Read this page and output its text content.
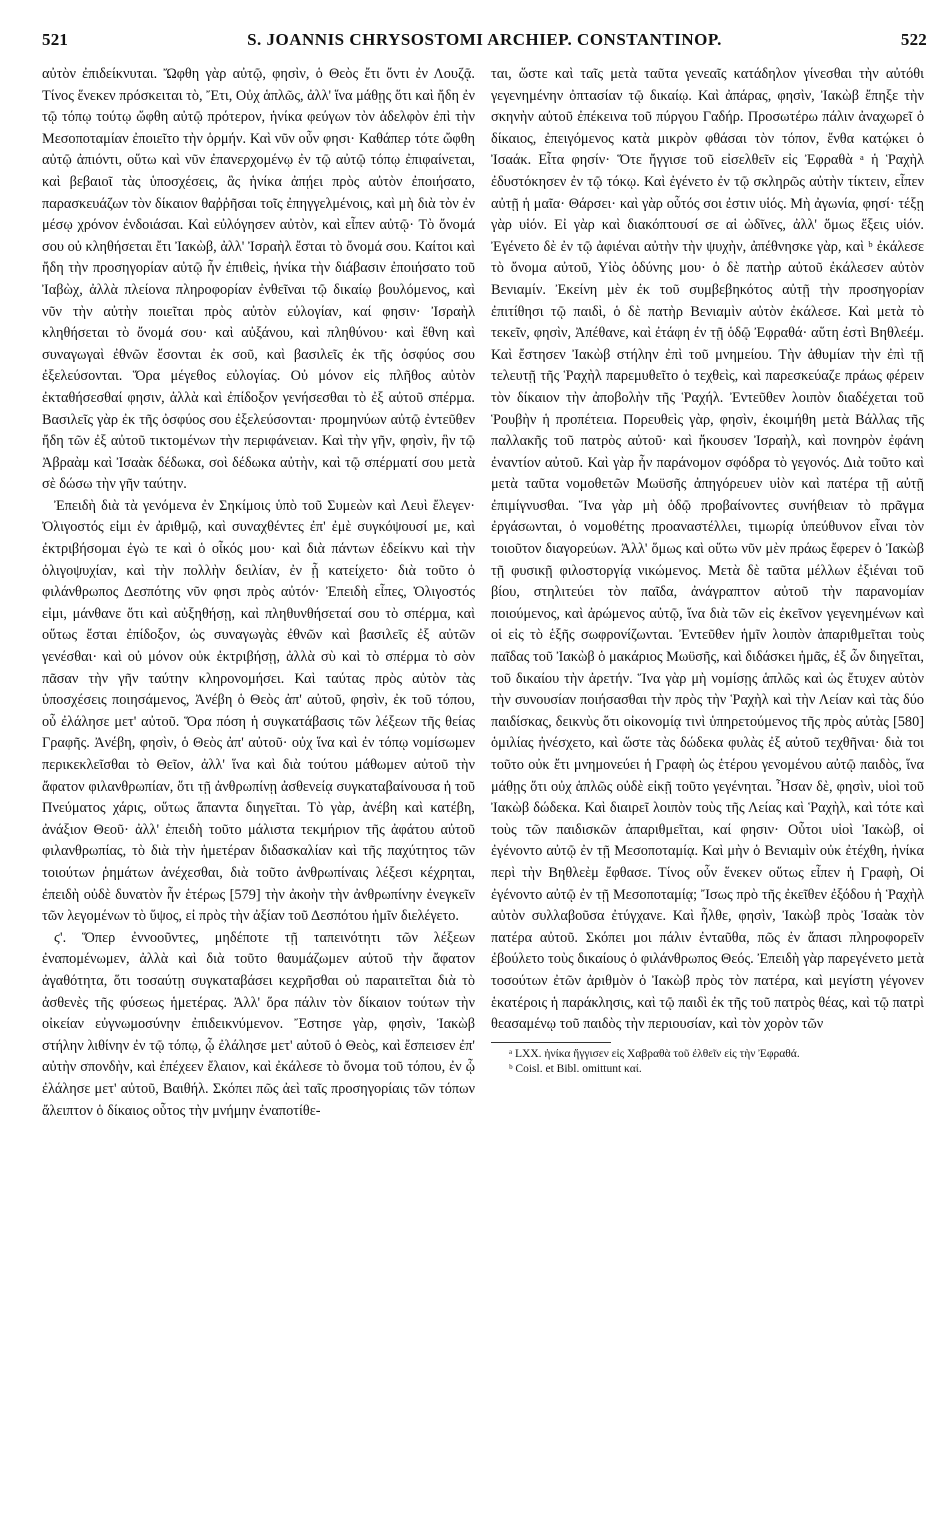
521	S. JOANNIS CHRYSOSTOMI ARCHIEP. CONSTANTINOP.	522

αὐτὸν ἐπιδείκνυται. Ὤφθη γὰρ αὐτῷ, φησὶν, ὁ Θεὸς ἔτι ὄντι ἐν Λουζᾷ. Τίνος ἕνεκεν πρόσκειται τὸ, Ἔτι, Οὐχ ἁπλῶς, ἀλλ' ἵνα μάθῃς ὅτι καὶ ἤδη ἐν τῷ τόπῳ τούτῳ ὤφθη αὐτῷ πρότερον, ἡνίκα φεύγων τὸν ἀδελφὸν ἐπὶ τὴν Μεσοποταμίαν ἐποιεῖτο τὴν ὁρμήν. Καὶ νῦν οὖν φησι· Καθάπερ τότε ὤφθη αὐτῷ ἀπιόντι, οὕτω καὶ νῦν ἐπανερχομένῳ ἐν τῷ αὐτῷ τόπῳ ἐπιφαίνεται, καὶ βεβαιοῖ τὰς ὑποσχέσεις, ἃς ἡνίκα ἀπῄει πρὸς αὐτὸν ἐποιήσατο, παρασκευάζων τὸν δίκαιον θαῤῥῆσαι τοῖς ἐπηγγελμένοις, καὶ μὴ διὰ τὸν ἐν μέσῳ χρόνον ἐνδοιάσαι. Καὶ εὐλόγησεν αὐτὸν, καὶ εἶπεν αὐτῷ· Τὸ ὄνομά σου οὐ κληθήσεται ἔτι Ἰακὼβ, ἀλλ' Ἰσραὴλ ἔσται τὸ ὄνομά σου. Καίτοι καὶ ἤδη τὴν προσηγορίαν αὐτῷ ἦν ἐπιθεὶς, ἡνίκα τὴν διάβασιν ἐποιήσατο τοῦ Ἰαβὼχ, ἀλλὰ πλείονα πληροφορίαν ἐνθεῖναι τῷ δικαίῳ βουλόμενος, καὶ νῦν τὴν αὐτὴν ποιεῖται πρὸς αὐτὸν εὐλογίαν, καί φησιν· Ἰσραὴλ κληθήσεται τὸ ὄνομά σου· καὶ αὐξάνου, καὶ πληθύνου· καὶ ἔθνη καὶ συναγωγαὶ ἐθνῶν ἔσονται ἐκ σοῦ, καὶ βασιλεῖς ἐκ τῆς ὀσφύος σου ἐξελεύσονται. Ὅρα μέγεθος εὐλογίας. Οὐ μόνον εἰς πλῆθος αὐτὸν ἐκταθήσεσθαί φησιν, ἀλλὰ καὶ ἐπίδοξον γενήσεσθαι τὸ ἐξ αὐτοῦ σπέρμα. Βασιλεῖς γὰρ ἐκ τῆς ὀσφύος σου ἐξελεύσονται· προμηνύων αὐτῷ ἐντεῦθεν ἤδη τῶν ἐξ αὐτοῦ τικτομένων τὴν περιφάνειαν. Καὶ τὴν γῆν, φησὶν, ἣν τῷ Ἀβραὰμ καὶ Ἰσαὰκ δέδωκα, σοὶ δέδωκα αὐτὴν, καὶ τῷ σπέρματί σου μετὰ σὲ δώσω τὴν γῆν ταύτην.

Ἐπειδὴ διὰ τὰ γενόμενα ἐν Σηκίμοις ὑπὸ τοῦ Συμεὼν καὶ Λευὶ ἔλεγεν· Ὀλιγοστός εἰμι ἐν ἀριθμῷ, καὶ συναχθέντες ἐπ' ἐμὲ συγκόψουσί με, καὶ ἐκτριβήσομαι ἐγὼ τε καὶ ὁ οἶκός μου· καὶ διὰ πάντων ἐδείκνυ καὶ τὴν ὀλιγοψυχίαν, καὶ τὴν πολλὴν δειλίαν, ἐν ᾗ κατείχετο· διὰ τοῦτο ὁ φιλάνθρωπος Δεσπότης νῦν φησι πρὸς αὐτόν· Ἐπειδὴ εἶπες, Ὀλιγοστός εἰμι, μάνθανε ὅτι καὶ αὐξηθήσῃ, καὶ πληθυνθήσεταί σου τὸ σπέρμα, καὶ οὕτως ἔσται ἐπίδοξον, ὡς συναγωγὰς ἐθνῶν καὶ βασιλεῖς ἐξ αὐτῶν γενέσθαι· καὶ οὐ μόνον οὐκ ἐκτριβήσῃ, ἀλλὰ σὺ καὶ τὸ σπέρμα τὸ σὸν πᾶσαν τὴν γῆν ταύτην κληρονομήσει. Καὶ ταύτας πρὸς αὐτὸν τὰς ὑποσχέσεις ποιησάμενος, Ἀνέβη ὁ Θεὸς ἀπ' αὐτοῦ, φησὶν, ἐκ τοῦ τόπου, οὗ ἐλάλησε μετ' αὐτοῦ. Ὅρα πόση ἡ συγκατάβασις τῶν λέξεων τῆς θείας Γραφῆς. Ἀνέβη, φησὶν, ὁ Θεὸς ἀπ' αὐτοῦ· οὐχ ἵνα καὶ ἐν τόπῳ νομίσωμεν περικεκλεῖσθαι τὸ Θεῖον, ἀλλ' ἵνα καὶ διὰ τούτου μάθωμεν αὐτοῦ τὴν ἄφατον φιλανθρωπίαν, ὅτι τῇ ἀνθρωπίνῃ ἀσθενείᾳ συγκαταβαίνουσα ἡ τοῦ Πνεύματος χάρις, οὕτως ἅπαντα διηγεῖται. Τὸ γὰρ, ἀνέβη καὶ κατέβη, ἀνάξιον Θεοῦ· ἀλλ' ἐπειδὴ τοῦτο μάλιστα τεκμήριον τῆς ἀφάτου αὐτοῦ φιλανθρωπίας, τὸ διὰ τὴν ἡμετέραν διδασκαλίαν καὶ τῆς παχύτητος τῶν τοιούτων ῥημάτων ἀνέχεσθαι, διὰ τοῦτο ἀνθρωπίναις λέξεσι κέχρηται, ἐπειδὴ οὐδὲ δυνατὸν ἦν ἑτέρως [579] τὴν ἀκοὴν τὴν ἀνθρωπίνην ἐνεγκεῖν τῶν λεγομένων τὸ ὕψος, εἰ πρὸς τὴν ἀξίαν τοῦ Δεσπότου ἡμῖν διελέγετο.

ϛ'. Ὅπερ ἐννοοῦντες, μηδέποτε τῇ ταπεινότητι τῶν λέξεων ἐναπομένωμεν, ἀλλὰ καὶ διὰ τοῦτο θαυμάζωμεν αὐτοῦ τὴν ἄφατον ἀγαθότητα, ὅτι τοσαύτῃ συγκαταβάσει κεχρῆσθαι οὐ παραιτεῖται διὰ τὸ ἀσθενὲς τῆς φύσεως ἡμετέρας. Ἀλλ' ὅρα πάλιν τὸν δίκαιον τούτων τὴν οἰκείαν εὐγνωμοσύνην ἐπιδεικνύμενον. Ἔστησε γὰρ, φησὶν, Ἰακὼβ στήλην λιθίνην ἐν τῷ τόπῳ, ᾧ ἐλάλησε μετ' αὐτοῦ ὁ Θεὸς, καὶ ἔσπεισεν ἐπ' αὐτὴν σπονδὴν, καὶ ἐπέχεεν ἔλαιον, καὶ ἐκάλεσε τὸ ὄνομα τοῦ τόπου, ἐν ᾧ ἐλάλησε μετ' αὐτοῦ, Βαιθήλ. Σκόπει πῶς ἀεὶ ταῖς προσηγορίαις τῶν τόπων ἄλειπτον ὁ δίκαιος οὗτος τὴν μνήμην ἐναποτίθε-

ται, ὥστε καὶ ταῖς μετὰ ταῦτα γενεαῖς κατάδηλον γίνεσθαι τὴν αὐτόθι γεγενημένην ὀπτασίαν τῷ δικαίῳ. Καὶ ἀπάρας, φησὶν, Ἰακὼβ ἔπηξε τὴν σκηνὴν αὐτοῦ ἐπέκεινα τοῦ πύργου Γαδήρ. Προσωτέρω πάλιν ἀναχωρεῖ ὁ δίκαιος, ἐπειγόμενος κατὰ μικρὸν φθάσαι τὸν τόπον, ἔνθα κατῴκει ὁ Ἰσαάκ. Εἶτα φησίν· Ὅτε ἤγγισε τοῦ εἰσελθεῖν εἰς Ἐφραθὰ ᵃ ἡ Ῥαχὴλ ἐδυστόκησεν ἐν τῷ τόκῳ. Καὶ ἐγένετο ἐν τῷ σκληρῶς αὐτὴν τίκτειν, εἶπεν αὐτῇ ἡ μαῖα· Θάρσει· καὶ γὰρ οὗτός σοι ἐστιν υἱός. Μὴ ἀγωνία, φησί· τέξῃ γὰρ υἱόν. Εἰ γὰρ καὶ διακόπτουσί σε αἱ ὠδῖνες, ἀλλ' ὅμως ἕξεις υἱόν. Ἐγένετο δὲ ἐν τῷ ἀφιέναι αὐτὴν τὴν ψυχὴν, ἀπέθνησκε γὰρ, καὶ ᵇ ἐκάλεσε τὸ ὄνομα αὐτοῦ, Υἱὸς ὀδύνης μου· ὁ δὲ πατὴρ αὐτοῦ ἐκάλεσεν αὐτὸν Βενιαμίν. Ἐκείνη μὲν ἐκ τοῦ συμβεβηκότος αὐτῇ τὴν προσηγορίαν ἐπιτίθησι τῷ παιδὶ, ὁ δὲ πατὴρ Βενιαμὶν αὐτὸν ἐκάλεσε. Καὶ μετὰ τὸ τεκεῖν, φησὶν, Ἀπέθανε, καὶ ἐτάφη ἐν τῇ ὁδῷ Ἐφραθά· αὕτη ἐστὶ Βηθλεέμ. Καὶ ἔστησεν Ἰακὼβ στήλην ἐπὶ τοῦ μνημείου. Τὴν ἀθυμίαν τὴν ἐπὶ τῇ τελευτῇ τῆς Ῥαχὴλ παρεμυθεῖτο ὁ τεχθεὶς, καὶ παρεσκεύαζε πράως φέρειν τὸν δίκαιον τὴν ἀποβολὴν τῆς Ῥαχήλ. Ἐντεῦθεν λοιπὸν διαδέχεται τοῦ Ῥουβὴν ἡ προπέτεια. Πορευθεὶς γὰρ, φησὶν, ἐκοιμήθη μετὰ Βάλλας τῆς παλλακῆς τοῦ πατρὸς αὐτοῦ· καὶ ἤκουσεν Ἰσραὴλ, καὶ πονηρὸν ἐφάνη ἐναντίον αὐτοῦ. Καὶ γὰρ ἦν παράνομον σφόδρα τὸ γεγονός. Διὰ τοῦτο καὶ μετὰ ταῦτα νομοθετῶν Μωϋσῆς ἀπηγόρευεν υἱὸν καὶ πατέρα τῇ αὐτῇ ἐπιμίγνυσθαι. Ἵνα γὰρ μὴ ὁδῷ προβαίνοντες συνήθειαν τὸ πρᾶγμα ἐργάσωνται, ὁ νομοθέτης προαναστέλλει, τιμωρίᾳ ὑπεύθυνον εἶναι τὸν τοιοῦτον διαγορεύων. Ἀλλ' ὅμως καὶ οὕτω νῦν μὲν πράως ἔφερεν ὁ Ἰακὼβ τῇ φυσικῇ φιλοστοργίᾳ νικώμενος. Μετὰ δὲ ταῦτα μέλλων ἐξιέναι τοῦ βίου, στηλιτεύει τὸν παῖδα, ἀνάγραπτον αὐτοῦ τὴν παρανομίαν ποιούμενος, καὶ ἀρώμενος αὐτῷ, ἵνα διὰ τῶν εἰς ἐκεῖνον γεγενημένων καὶ οἱ εἰς τὸ ἑξῆς σωφρονίζωνται. Ἐντεῦθεν ἡμῖν λοιπὸν ἀπαριθμεῖται τοὺς παῖδας τοῦ Ἰακὼβ ὁ μακάριος Μωϋσῆς, καὶ διδάσκει ἡμᾶς, ἐξ ὧν διηγεῖται, τοῦ δικαίου τὴν ἀρετήν. Ἵνα γὰρ μὴ νομίσῃς ἁπλῶς καὶ ὡς ἔτυχεν αὐτὸν τὴν συνουσίαν ποιήσασθαι τὴν πρὸς τὴν Ῥαχὴλ καὶ τὴν Λείαν καὶ τὰς δύο παιδίσκας, δεικνὺς ὅτι οἰκονομίᾳ τινὶ ὑπηρετούμενος τῆς πρὸς αὐτὰς [580] ὁμιλίας ἠνέσχετο, καὶ ὥστε τὰς δώδεκα φυλὰς ἐξ αὐτοῦ τεχθῆναι· διὰ τοι τοῦτο οὐκ ἔτι μνημονεύει ἡ Γραφὴ ὡς ἑτέρου γενομένου αὐτῷ παιδὸς, ἵνα μάθῃς ὅτι οὐχ ἁπλῶς οὐδὲ εἰκῇ τοῦτο γεγένηται. Ἦσαν δὲ, φησὶν, υἱοὶ τοῦ Ἰακὼβ δώδεκα. Καὶ διαιρεῖ λοιπὸν τοὺς τῆς Λείας καὶ Ῥαχὴλ, καὶ τότε καὶ τοὺς τῶν παιδισκῶν ἀπαριθμεῖται, καί φησιν· Οὗτοι υἱοὶ Ἰακὼβ, οἱ ἐγένοντο αὐτῷ ἐν τῇ Μεσοποταμίᾳ. Καὶ μὴν ὁ Βενιαμὶν οὐκ ἐτέχθη, ἡνίκα περὶ τὴν Βηθλεὲμ ἔφθασε. Τίνος οὖν ἕνεκεν οὕτως εἶπεν ἡ Γραφὴ, Οἱ ἐγένοντο αὐτῷ ἐν τῇ Μεσοποταμίᾳ; Ἴσως πρὸ τῆς ἐκεῖθεν ἐξόδου ἡ Ῥαχὴλ αὐτὸν συλλαβοῦσα ἐτύγχανε. Καὶ ἦλθε, φησὶν, Ἰακὼβ πρὸς Ἰσαὰκ τὸν πατέρα αὐτοῦ. Σκόπει μοι πάλιν ἐνταῦθα, πῶς ἐν ἅπασι πληροφορεῖν ἐβούλετο τοὺς δικαίους ὁ φιλάνθρωπος Θεός. Ἐπειδὴ γὰρ παρεγένετο μετὰ τοσούτων ἐτῶν ἀριθμὸν ὁ Ἰακὼβ πρὸς τὸν πατέρα, καὶ μεγίστη γέγονεν ἑκατέροις ἡ παράκλησις, καὶ τῷ παιδὶ ἐκ τῆς τοῦ πατρὸς θέας, καὶ τῷ πατρὶ θεασαμένῳ τοῦ παιδὸς τὴν περιουσίαν, καὶ τὸν χορὸν τῶν

ᵃ LXX. ἡνίκα ἤγγισεν εἰς Χαβραθὰ τοῦ ἐλθεῖν εἰς τὴν Ἐφραθά.
ᵇ Coisl. et Bibl. omittunt καί.
